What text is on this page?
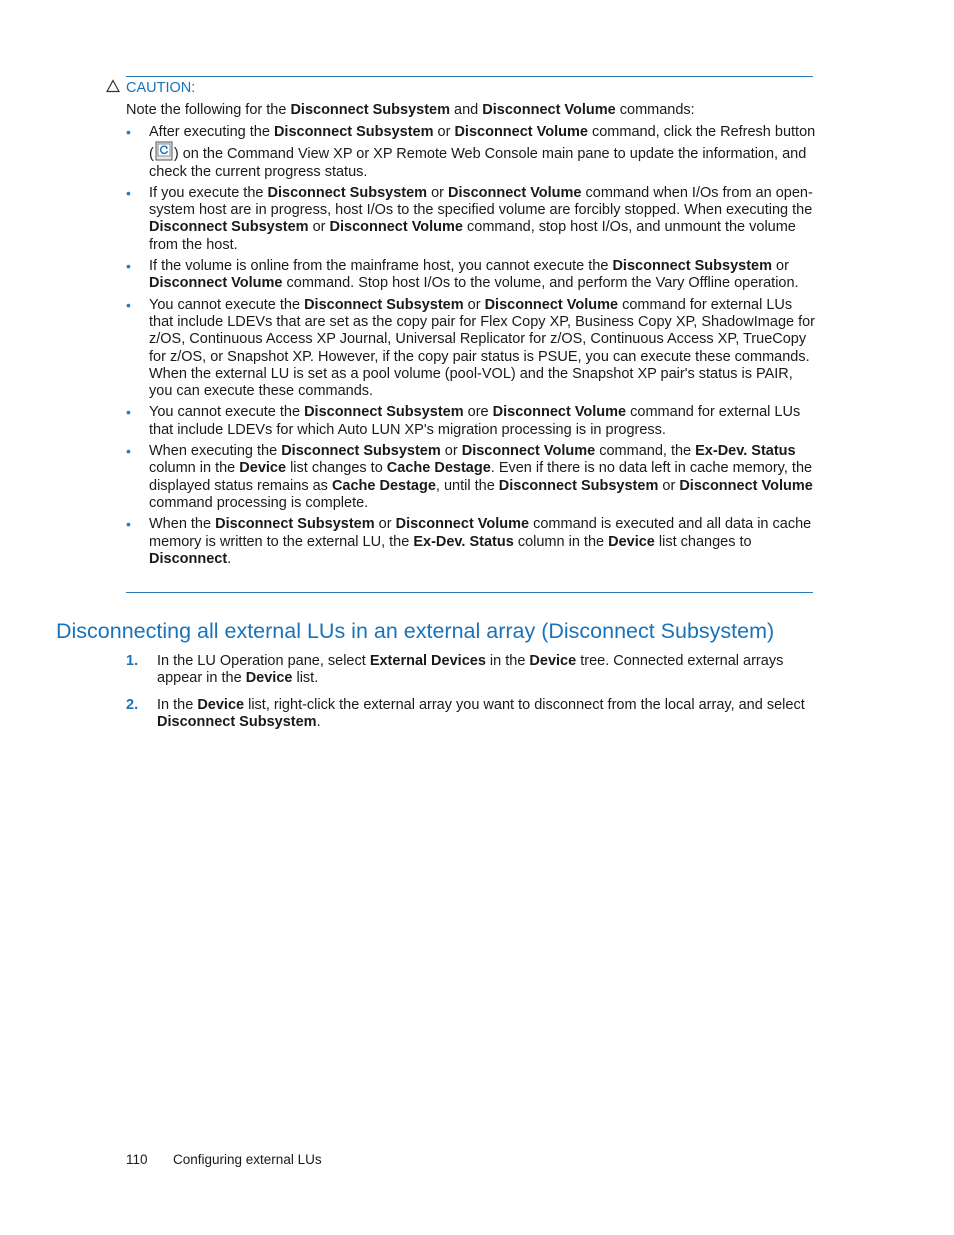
CAUTION:
Note the following for the Disconnect Subsystem and Disconnect Volume commands:
• After executing the Disconnect Subsystem or Disconnect Volume command, click the Refresh button ( ) on the Command View XP or XP Remote Web Console main pane to update the information, and check the current progress status.

• If you execute the Disconnect Subsystem or Disconnect Volume command when I/Os from an open-system host are in progress, host I/Os to the specified volume are forcibly stopped. When executing the Disconnect Subsystem or Disconnect Volume command, stop host I/Os, and unmount the volume from the host.

• If the volume is online from the mainframe host, you cannot execute the Disconnect Subsystem or Disconnect Volume command. Stop host I/Os to the volume, and perform the Vary Offline operation.

• You cannot execute the Disconnect Subsystem or Disconnect Volume command for external LUs that include LDEVs that are set as the copy pair for Flex Copy XP, Business Copy XP, ShadowImage for z/OS, Continuous Access XP Journal, Universal Replicator for z/OS, Continuous Access XP, TrueCopy for z/OS, or Snapshot XP. However, if the copy pair status is PSUE, you can execute these commands. When the external LU is set as a pool volume (pool-VOL) and the Snapshot XP pair's status is PAIR, you can execute these commands.

• You cannot execute the Disconnect Subsystem ore Disconnect Volume command for external LUs that include LDEVs for which Auto LUN XP's migration processing is in progress.

• When executing the Disconnect Subsystem or Disconnect Volume command, the Ex-Dev. Status column in the Device list changes to Cache Destage. Even if there is no data left in cache memory, the displayed status remains as Cache Destage, until the Disconnect Subsystem or Disconnect Volume command processing is complete.

• When the Disconnect Subsystem or Disconnect Volume command is executed and all data in cache memory is written to the external LU, the Ex-Dev. Status column in the Device list changes to Disconnect.

Disconnecting all external LUs in an external array (Disconnect Subsystem)
1. In the LU Operation pane, select External Devices in the Device tree. Connected external arrays appear in the Device list.
2. In the Device list, right-click the external array you want to disconnect from the local array, and select Disconnect Subsystem.
110 Configuring external LUs
